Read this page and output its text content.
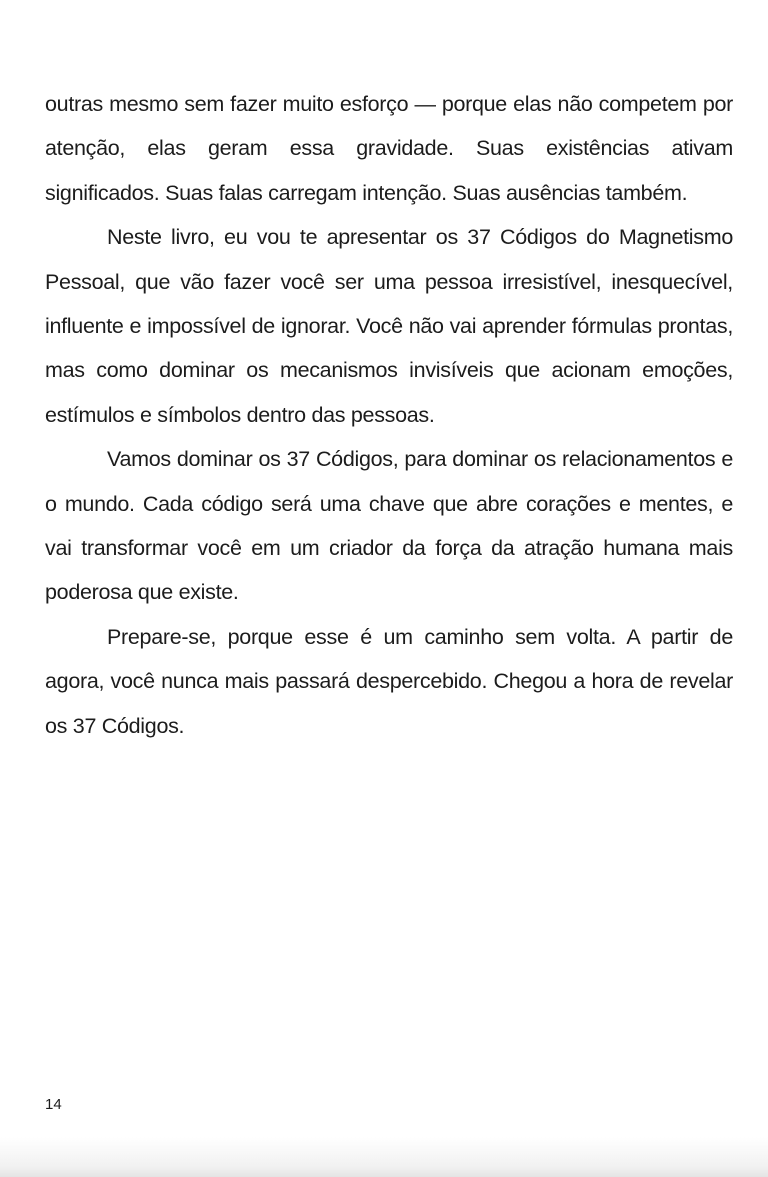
outras mesmo sem fazer muito esforço — porque elas não competem por atenção, elas geram essa gravidade. Suas existências ativam significados. Suas falas carregam intenção. Suas ausências também.

Neste livro, eu vou te apresentar os 37 Códigos do Magnetismo Pessoal, que vão fazer você ser uma pessoa irresistível, inesquecível, influente e impossível de ignorar. Você não vai aprender fórmulas prontas, mas como dominar os mecanismos invisíveis que acionam emoções, estímulos e símbolos dentro das pessoas.

Vamos dominar os 37 Códigos, para dominar os relacionamentos e o mundo. Cada código será uma chave que abre corações e mentes, e vai transformar você em um criador da força da atração humana mais poderosa que existe.

Prepare-se, porque esse é um caminho sem volta. A partir de agora, você nunca mais passará despercebido. Chegou a hora de revelar os 37 Códigos.

14
